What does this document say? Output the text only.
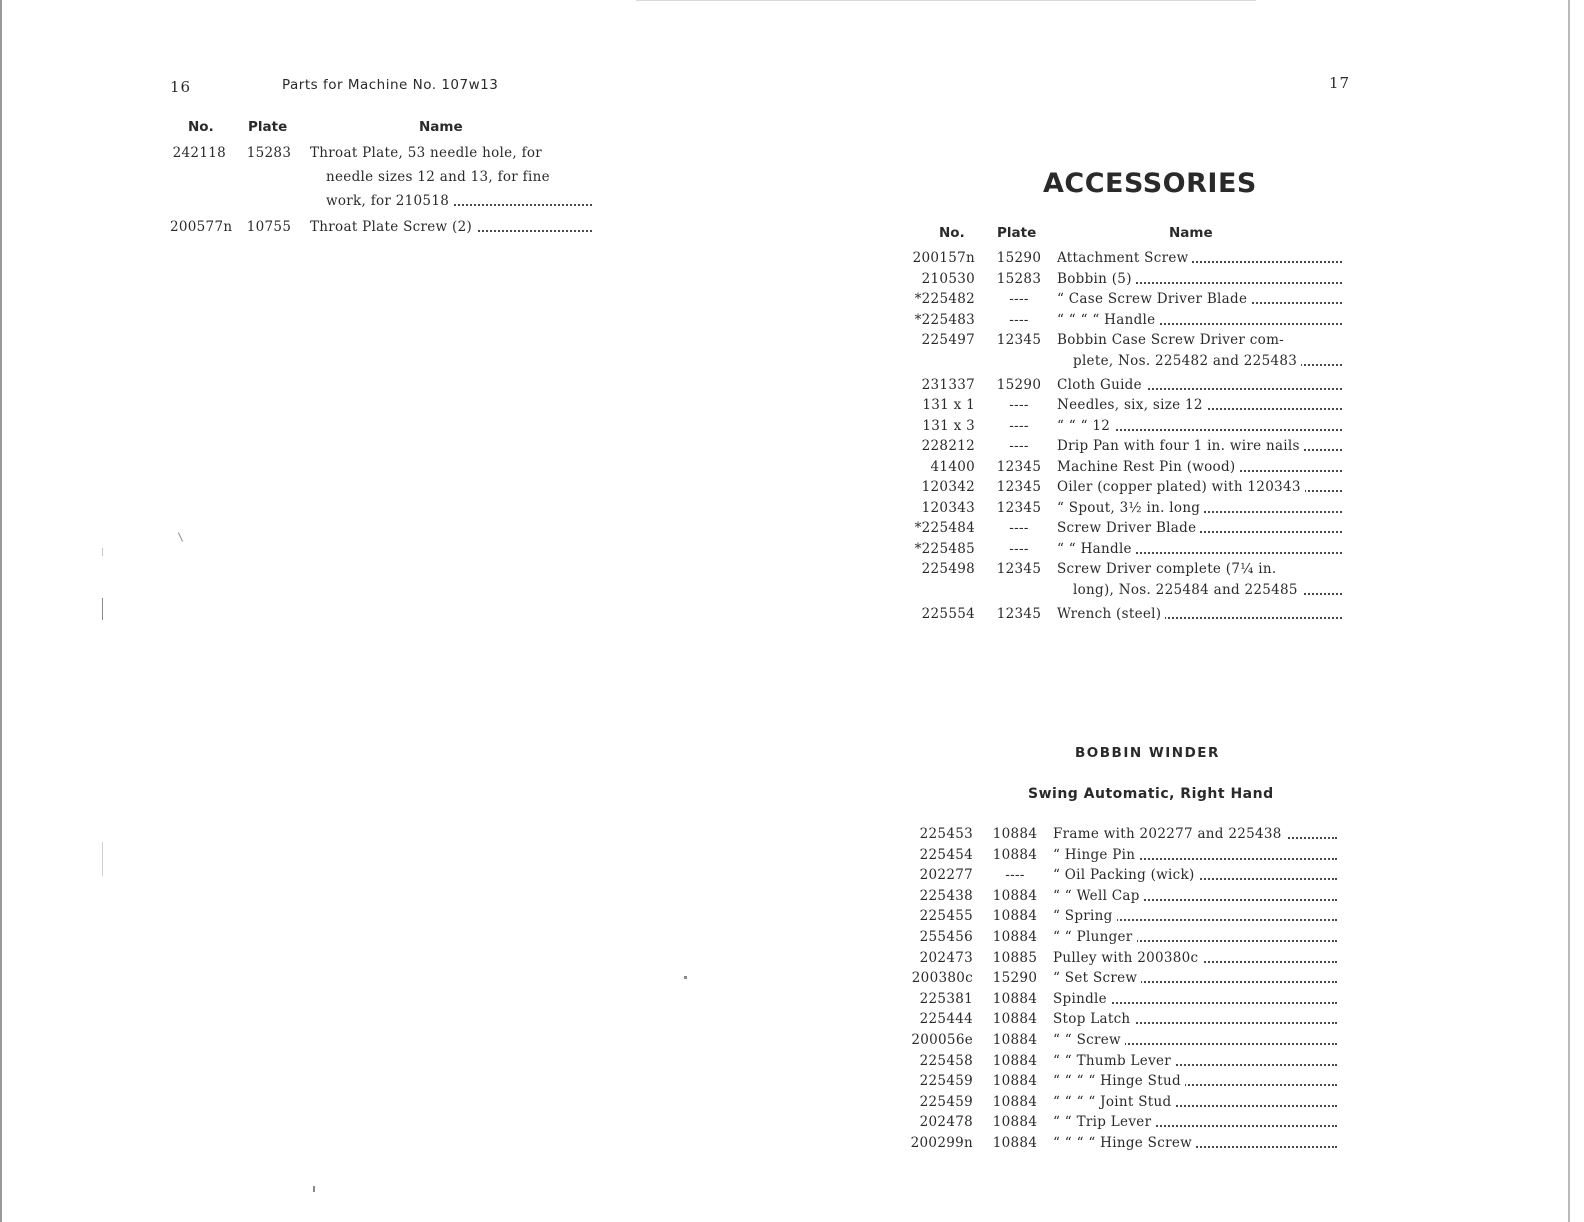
16	Parts for Machine No. 107w13
No.	Plate	Name
242118 15283 Throat Plate, 53 needle hole, for
needle sizes 12 and 13, for fine
work, for 210518
200577n 10755 Throat Plate Screw (2)
17
ACCESSORIES
No. Plate	Name
200157n	15290	Attachment Screw
210530	15283	Bobbin (5)
*225482	----	“ Case Screw Driver Blade
*225483	----	“ “ “ “ Handle
225497	12345	Bobbin Case Screw Driver com-
plete, Nos. 225482 and 225483
231337	15290	Cloth Guide
131 x 1	----	Needles, six, size 12
131 x 3	----	“ “ “ 12
228212	----	Drip Pan with four 1 in. wire nails
41400	12345	Machine Rest Pin (wood)
120342	12345	Oiler (copper plated) with 120343
120343	12345	“ Spout, 3½ in. long
*225484	----	Screw Driver Blade
*225485	----	“ “ Handle
225498	12345	Screw Driver complete (7¼ in.
long), Nos. 225484 and 225485
225554	12345	Wrench (steel)
BOBBIN WINDER
Swing Automatic, Right Hand
225453	10884	Frame with 202277 and 225438
225454	10884	“ Hinge Pin
202277	----	“ Oil Packing (wick)
225438	10884	“ “ Well Cap
225455	10884	“ Spring
255456	10884	“ “ Plunger
202473	10885	Pulley with 200380c
200380c	15290	“ Set Screw
225381	10884	Spindle
225444	10884	Stop Latch
200056e	10884	“ “ Screw
225458	10884	“ “ Thumb Lever
225459	10884	“ “ “ “ Hinge Stud
225459	10884	“ “ “ “ Joint Stud
202478	10884	“ “ Trip Lever
200299n	10884	“ “ “ “ Hinge Screw
